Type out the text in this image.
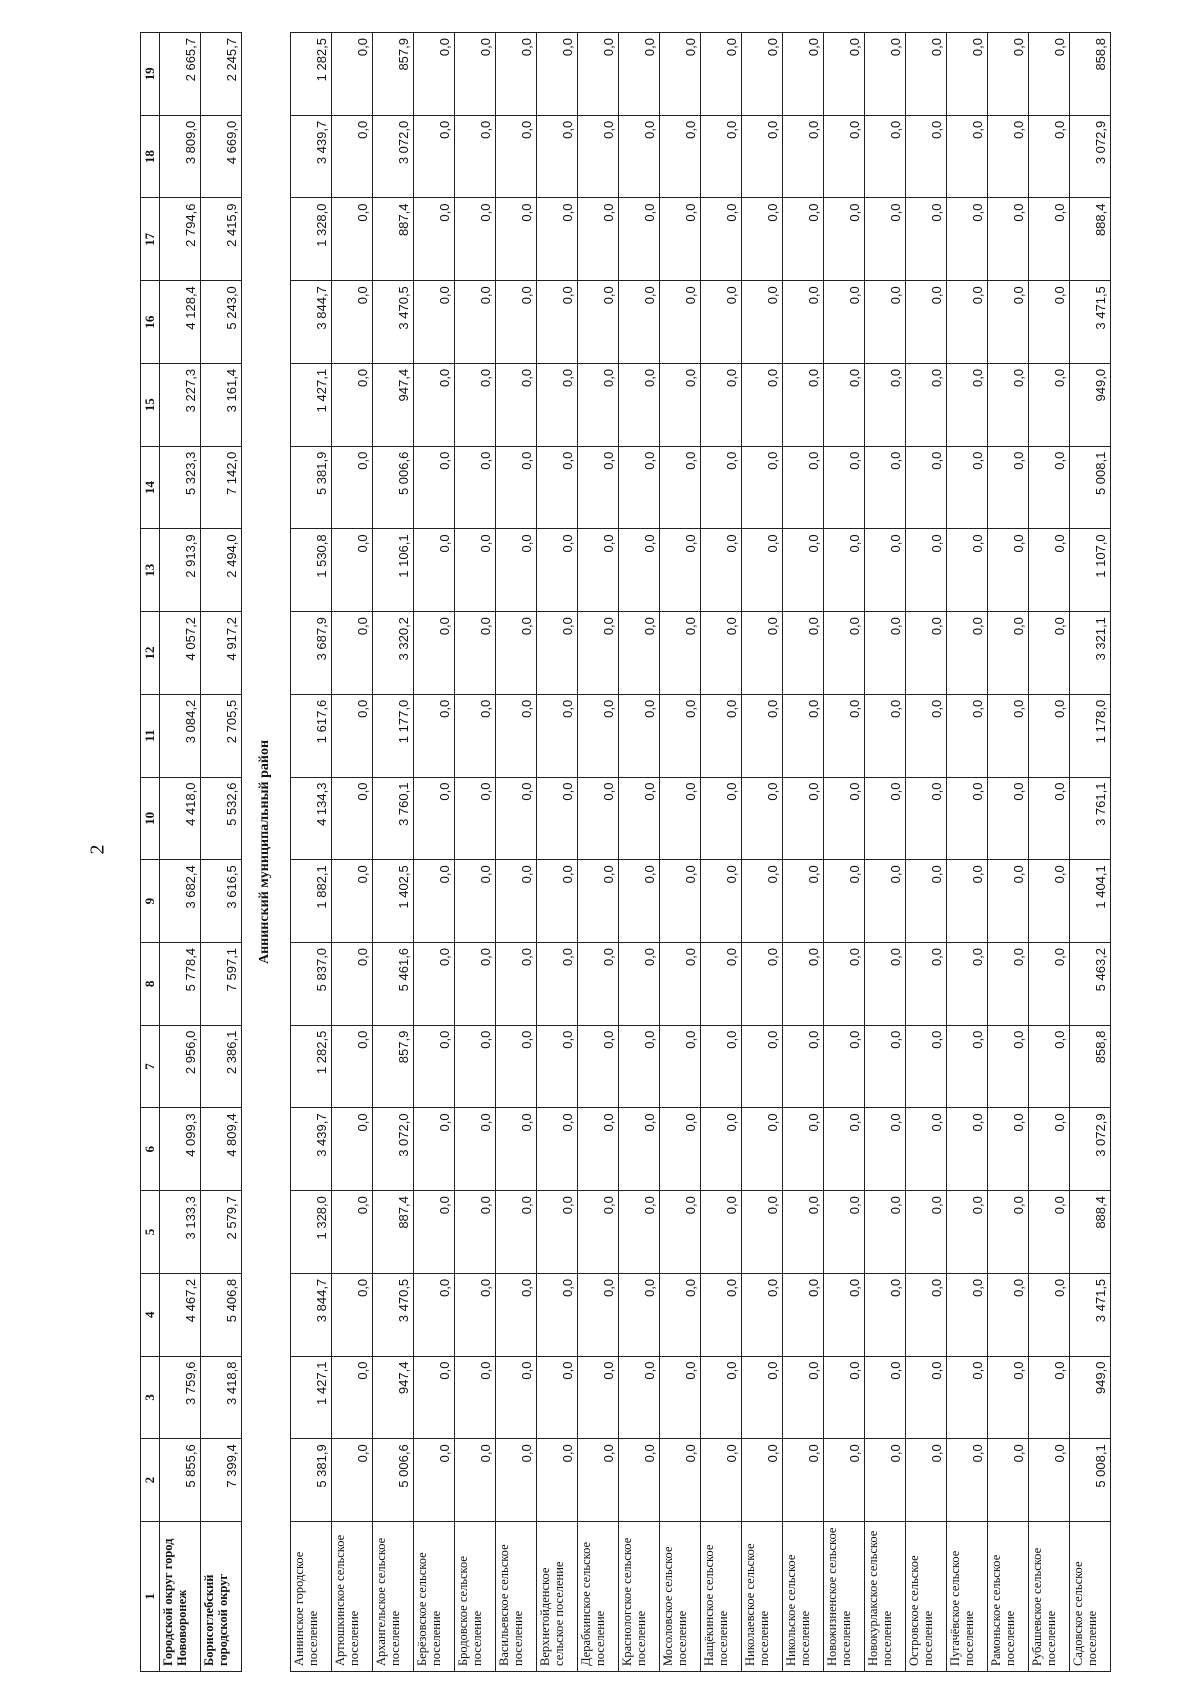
2
1	2	3	4	5	6	7	8	9	10	11	12	13	14	15	16	17	18	19
Городской округ город Нововоронеж	5 855,6	3 759,6	4 467,2	3 133,3	4 099,3	2 956,0	5 778,4	3 682,4	4 418,0	3 084,2	4 057,2	2 913,9	5 323,3	3 227,3	4 128,4	2 794,6	3 809,0	2 665,7
Борисоглебский городской округ	7 399,4	3 418,8	5 406,8	2 579,7	4 809,4	2 386,1	7 597,1	3 616,5	5 532,6	2 705,5	4 917,2	2 494,0	7 142,0	3 161,4	5 243,0	2 415,9	4 669,0	2 245,7
Аннинский муниципальный район																		
Аннинское городское поселение	5 381,9	1 427,1	3 844,7	1 328,0	3 439,7	1 282,5	5 837,0	1 882,1	4 134,3	1 617,6	3 687,9	1 530,8	5 381,9	1 427,1	3 844,7	1 328,0	3 439,7	1 282,5
Артюшкинское сельское поселение	0,0	0,0	0,0	0,0	0,0	0,0	0,0	0,0	0,0	0,0	0,0	0,0	0,0	0,0	0,0	0,0	0,0	0,0
Архангельское сельское поселение	5 006,6	947,4	3 470,5	887,4	3 072,0	857,9	5 461,6	1 402,5	3 760,1	1 177,0	3 320,2	1 106,1	5 006,6	947,4	3 470,5	887,4	3 072,0	857,9
Берёзовское сельское поселение	0,0	0,0	0,0	0,0	0,0	0,0	0,0	0,0	0,0	0,0	0,0	0,0	0,0	0,0	0,0	0,0	0,0	0,0
Бродовское сельское поселение	0,0	0,0	0,0	0,0	0,0	0,0	0,0	0,0	0,0	0,0	0,0	0,0	0,0	0,0	0,0	0,0	0,0	0,0
Васильевское сельское поселение	0,0	0,0	0,0	0,0	0,0	0,0	0,0	0,0	0,0	0,0	0,0	0,0	0,0	0,0	0,0	0,0	0,0	0,0
Верхнетойденское сельское поселение	0,0	0,0	0,0	0,0	0,0	0,0	0,0	0,0	0,0	0,0	0,0	0,0	0,0	0,0	0,0	0,0	0,0	0,0
Дерабкинское сельское поселение	0,0	0,0	0,0	0,0	0,0	0,0	0,0	0,0	0,0	0,0	0,0	0,0	0,0	0,0	0,0	0,0	0,0	0,0
Краснологское сельское поселение	0,0	0,0	0,0	0,0	0,0	0,0	0,0	0,0	0,0	0,0	0,0	0,0	0,0	0,0	0,0	0,0	0,0	0,0
Мосоловское сельское поселение	0,0	0,0	0,0	0,0	0,0	0,0	0,0	0,0	0,0	0,0	0,0	0,0	0,0	0,0	0,0	0,0	0,0	0,0
Нащёкинское сельское поселение	0,0	0,0	0,0	0,0	0,0	0,0	0,0	0,0	0,0	0,0	0,0	0,0	0,0	0,0	0,0	0,0	0,0	0,0
Николаевское сельское поселение	0,0	0,0	0,0	0,0	0,0	0,0	0,0	0,0	0,0	0,0	0,0	0,0	0,0	0,0	0,0	0,0	0,0	0,0
Никольское сельское поселение	0,0	0,0	0,0	0,0	0,0	0,0	0,0	0,0	0,0	0,0	0,0	0,0	0,0	0,0	0,0	0,0	0,0	0,0
Новожизненское сельское поселение	0,0	0,0	0,0	0,0	0,0	0,0	0,0	0,0	0,0	0,0	0,0	0,0	0,0	0,0	0,0	0,0	0,0	0,0
Новокурлакское сельское поселение	0,0	0,0	0,0	0,0	0,0	0,0	0,0	0,0	0,0	0,0	0,0	0,0	0,0	0,0	0,0	0,0	0,0	0,0
Островское сельское поселение	0,0	0,0	0,0	0,0	0,0	0,0	0,0	0,0	0,0	0,0	0,0	0,0	0,0	0,0	0,0	0,0	0,0	0,0
Пугачёвское сельское поселение	0,0	0,0	0,0	0,0	0,0	0,0	0,0	0,0	0,0	0,0	0,0	0,0	0,0	0,0	0,0	0,0	0,0	0,0
Рамоньское сельское поселение	0,0	0,0	0,0	0,0	0,0	0,0	0,0	0,0	0,0	0,0	0,0	0,0	0,0	0,0	0,0	0,0	0,0	0,0
Рубашевское сельское поселение	0,0	0,0	0,0	0,0	0,0	0,0	0,0	0,0	0,0	0,0	0,0	0,0	0,0	0,0	0,0	0,0	0,0	0,0
Садовское сельское поселение	5 008,1	949,0	3 471,5	888,4	3 072,9	858,8	5 463,2	1 404,1	3 761,1	1 178,0	3 321,1	1 107,0	5 008,1	949,0	3 471,5	888,4	3 072,9	858,8
